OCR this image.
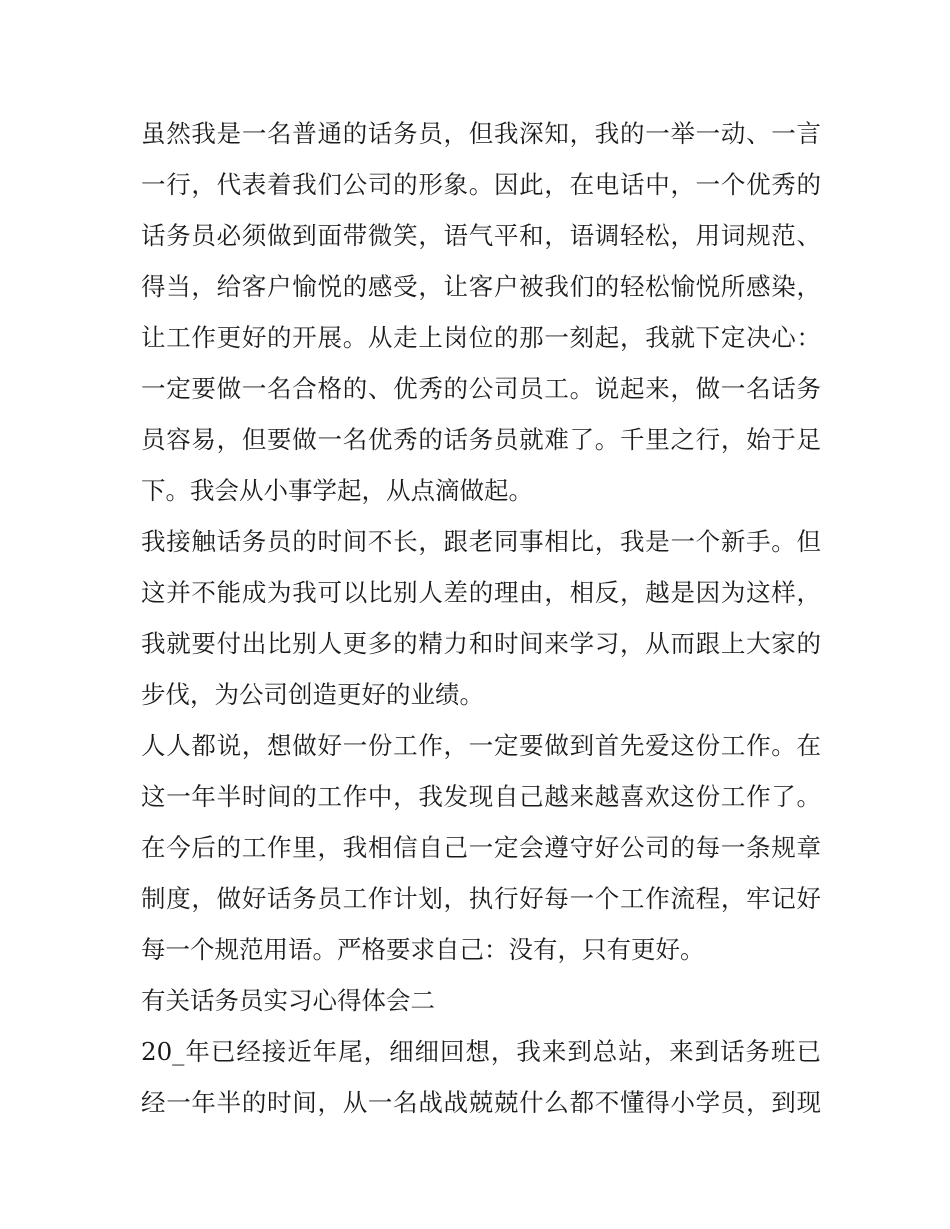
虽然我是一名普通的话务员，但我深知，我的一举一动、一言
一行，代表着我们公司的形象。因此，在电话中，一个优秀的
话务员必须做到面带微笑，语气平和，语调轻松，用词规范、
得当，给客户愉悦的感受，让客户被我们的轻松愉悦所感染，
让工作更好的开展。从走上岗位的那一刻起，我就下定决心：
一定要做一名合格的、优秀的公司员工。说起来，做一名话务
员容易，但要做一名优秀的话务员就难了。千里之行，始于足
下。我会从小事学起，从点滴做起。
我接触话务员的时间不长，跟老同事相比，我是一个新手。但
这并不能成为我可以比别人差的理由，相反，越是因为这样，
我就要付出比别人更多的精力和时间来学习，从而跟上大家的
步伐，为公司创造更好的业绩。
人人都说，想做好一份工作，一定要做到首先爱这份工作。在
这一年半时间的工作中，我发现自己越来越喜欢这份工作了。
在今后的工作里，我相信自己一定会遵守好公司的每一条规章
制度，做好话务员工作计划，执行好每一个工作流程，牢记好
每一个规范用语。严格要求自己：没有，只有更好。
有关话务员实习心得体会二
20_年已经接近年尾，细细回想，我来到总站，来到话务班已
经一年半的时间，从一名战战兢兢什么都不懂得小学员，到现
